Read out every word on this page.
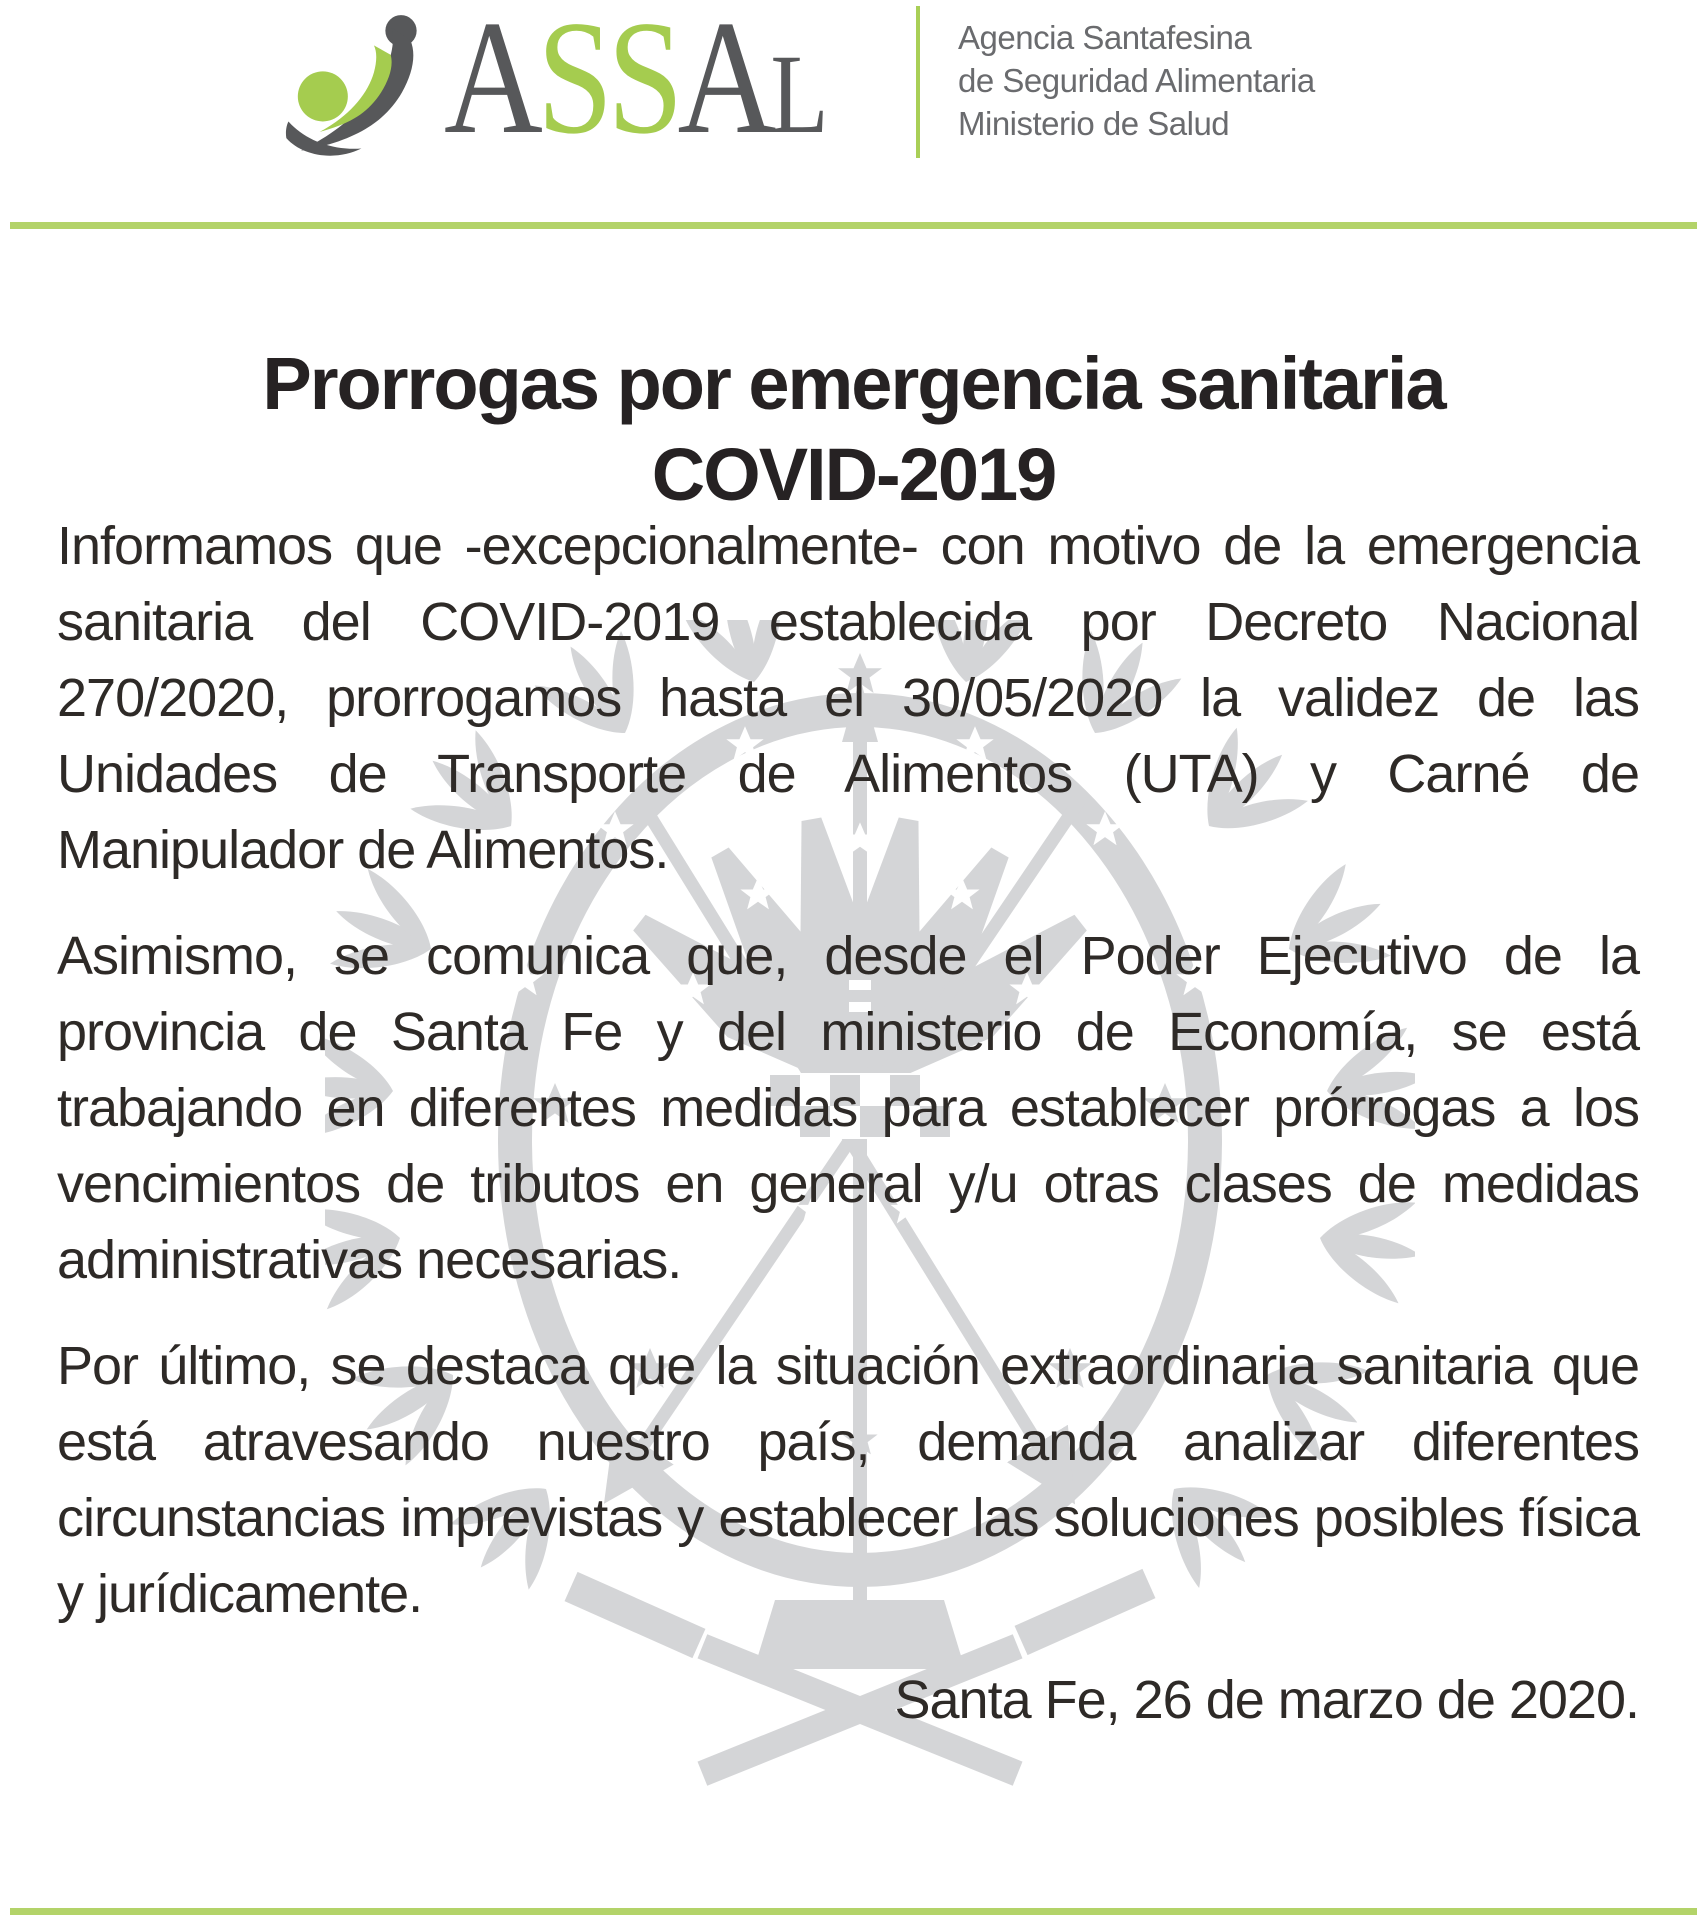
ASSAL	Agencia Santafesina
de Seguridad Alimentaria
Ministerio de Salud
Prorrogas por emergencia sanitaria
COVID-2019

Informamos que -excepcionalmente- con motivo de la emergencia sanitaria del COVID-2019 establecida por Decreto Nacional 270/2020, prorrogamos hasta el 30/05/2020 la validez de las Unidades de Transporte de Alimentos (UTA) y Carné de Manipulador de Alimentos.

Asimismo, se comunica que, desde el Poder Ejecutivo de la provincia de Santa Fe y del ministerio de Economía, se está trabajando en diferentes medidas para establecer prórrogas a los vencimientos de tributos en general y/u otras clases de medidas administrativas necesarias.

Por último, se destaca que la situación extraordinaria sanitaria que está atravesando nuestro país, demanda analizar diferentes circunstancias imprevistas y establecer las soluciones posibles física y jurídicamente.

Santa Fe, 26 de marzo de 2020.
